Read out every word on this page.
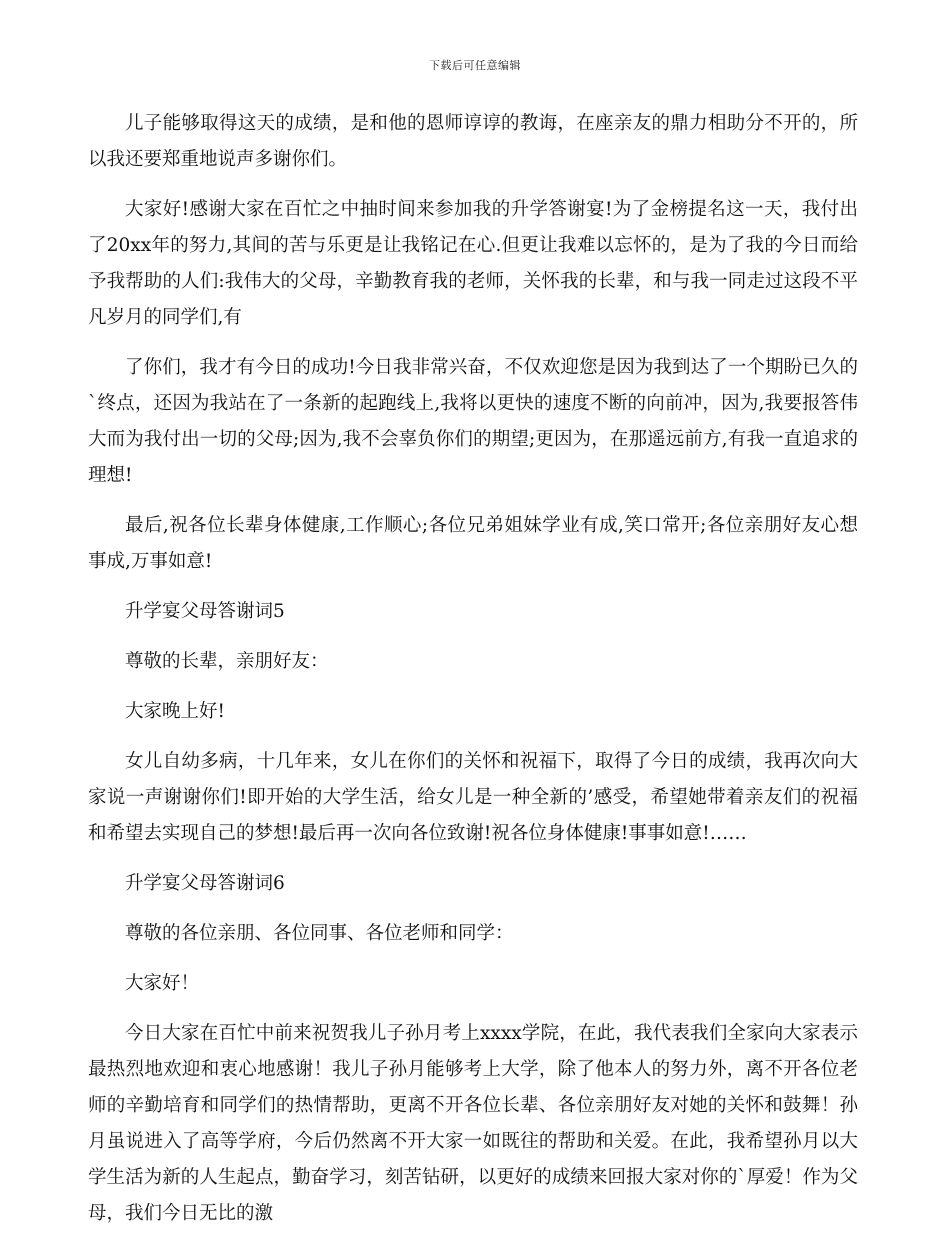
下载后可任意编辑

儿子能够取得这天的成绩，是和他的恩师谆谆的教诲，在座亲友的鼎力相助分不开的，所以我还要郑重地说声多谢你们。

大家好!感谢大家在百忙之中抽时间来参加我的升学答谢宴!为了金榜提名这一天，我付出了20xx年的努力,其间的苦与乐更是让我铭记在心.但更让我难以忘怀的，是为了我的今日而给予我帮助的人们:我伟大的父母，辛勤教育我的老师，关怀我的长辈，和与我一同走过这段不平凡岁月的同学们,有

了你们，我才有今日的成功!今日我非常兴奋，不仅欢迎您是因为我到达了一个期盼已久的`终点，还因为我站在了一条新的起跑线上,我将以更快的速度不断的向前冲，因为,我要报答伟大而为我付出一切的父母;因为,我不会辜负你们的期望;更因为，在那遥远前方,有我一直追求的理想!

最后,祝各位长辈身体健康,工作顺心;各位兄弟姐妹学业有成,笑口常开;各位亲朋好友心想事成,万事如意!

升学宴父母答谢词5

尊敬的长辈，亲朋好友：

大家晚上好!

女儿自幼多病，十几年来，女儿在你们的关怀和祝福下，取得了今日的成绩，我再次向大家说一声谢谢你们!即开始的大学生活，给女儿是一种全新的’感受，希望她带着亲友们的祝福和希望去实现自己的梦想!最后再一次向各位致谢!祝各位身体健康!事事如意!……

升学宴父母答谢词6

尊敬的各位亲朋、各位同事、各位老师和同学：

大家好！

今日大家在百忙中前来祝贺我儿子孙月考上xxxx学院，在此，我代表我们全家向大家表示最热烈地欢迎和衷心地感谢！我儿子孙月能够考上大学，除了他本人的努力外，离不开各位老师的辛勤培育和同学们的热情帮助，更离不开各位长辈、各位亲朋好友对她的关怀和鼓舞！孙月虽说进入了高等学府，今后仍然离不开大家一如既往的帮助和关爱。在此，我希望孙月以大学生活为新的人生起点，勤奋学习，刻苦钻研，以更好的成绩来回报大家对你的`厚爱！作为父母，我们今日无比的激
